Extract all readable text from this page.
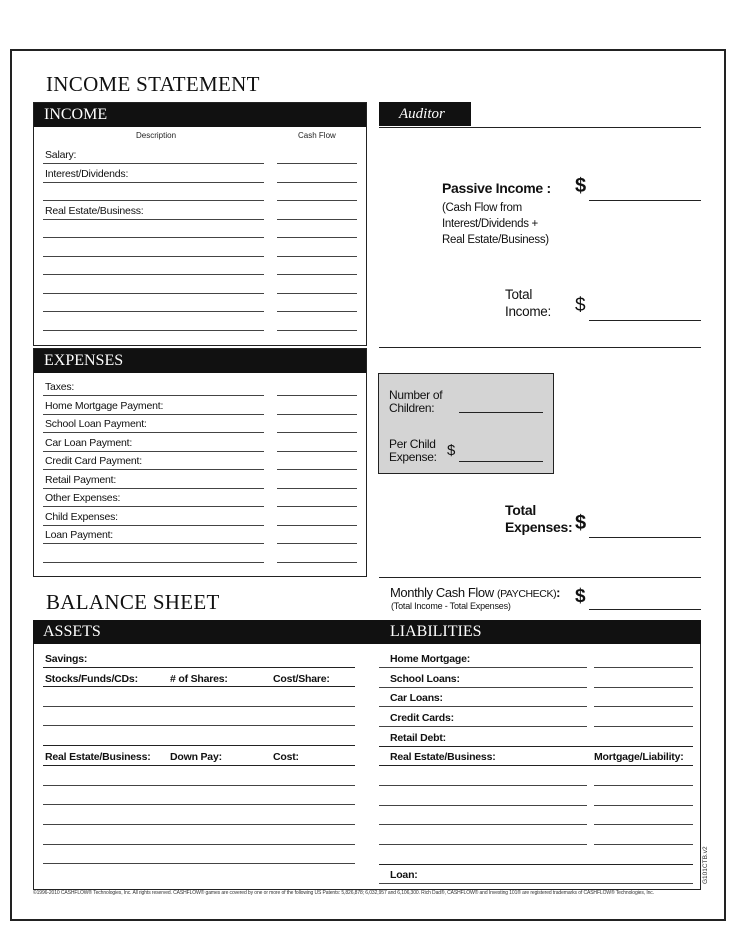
INCOME STATEMENT
INCOME
Description	Cash Flow
Salary:
Interest/Dividends:
Real Estate/Business:
EXPENSES
Taxes:
Home Mortgage Payment:
School Loan Payment:
Car Loan Payment:
Credit Card Payment:
Retail Payment:
Other Expenses:
Child Expenses:
Loan Payment:
Auditor
Passive Income :
(Cash Flow from
Interest/Dividends +
Real Estate/Business)
$
Total
Income: $
Number of
Children:
Per Child
Expense: $
Total
Expenses: $
Monthly Cash Flow (PAYCHECK):
(Total Income - Total Expenses)	$
BALANCE SHEET
ASSETS	LIABILITIES
Savings:
Stocks/Funds/CDs:	# of Shares:	Cost/Share:
Real Estate/Business: Down Pay:	Cost:
Home Mortgage:
School Loans:
Car Loans:
Credit Cards:
Retail Debt:
Real Estate/Business:	Mortgage/Liability:
Loan:	G101CTB.v2
©1996-2010 CASHFLOW® Technologies, Inc. All rights reserved. CASHFLOW® games are covered by one or more of the following US Patents: 5,826,878; 6,032,957 and 6,106,300. Rich Dad®, CASHFLOW® and Investing 101® are registered trademarks of CASHFLOW® Technologies, Inc.
